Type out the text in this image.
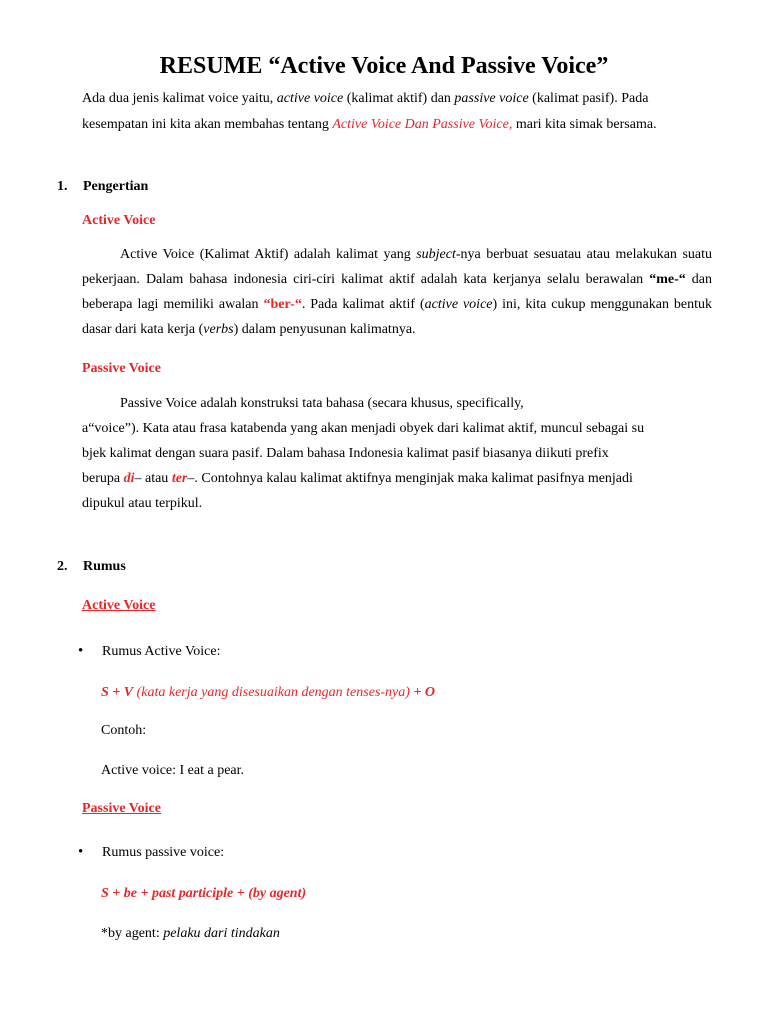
RESUME “Active Voice And Passive Voice”

Ada dua jenis kalimat voice yaitu, active voice (kalimat aktif) dan passive voice (kalimat pasif). Pada kesempatan ini kita akan membahas tentang Active Voice Dan Passive Voice, mari kita simak bersama.

1. Pengertian
Active Voice

Active Voice (Kalimat Aktif) adalah kalimat yang subject-nya berbuat sesuatau atau melakukan suatu pekerjaan. Dalam bahasa indonesia ciri-ciri kalimat aktif adalah kata kerjanya selalu berawalan “me-“ dan beberapa lagi memiliki awalan “ber-“. Pada kalimat aktif (active voice) ini, kita cukup menggunakan bentuk dasar dari kata kerja (verbs) dalam penyusunan kalimatnya.

Passive Voice
Passive Voice adalah konstruksi tata bahasa (secara khusus, specifically,
a“voice”). Kata atau frasa katabenda yang akan menjadi obyek dari kalimat aktif, muncul sebagai su
bjek kalimat dengan suara pasif. Dalam bahasa Indonesia kalimat pasif biasanya diikuti prefix
berupa di– atau ter–. Contohnya kalau kalimat aktifnya menginjak maka kalimat pasifnya menjadi
dipukul atau terpikul.
2. Rumus
Active Voice
• Rumus Active Voice:
S + V (kata kerja yang disesuaikan dengan tenses-nya) + O
Contoh:
Active voice: I eat a pear.
Passive Voice
• Rumus passive voice:
S + be + past participle + (by agent)
*by agent: pelaku dari tindakan
